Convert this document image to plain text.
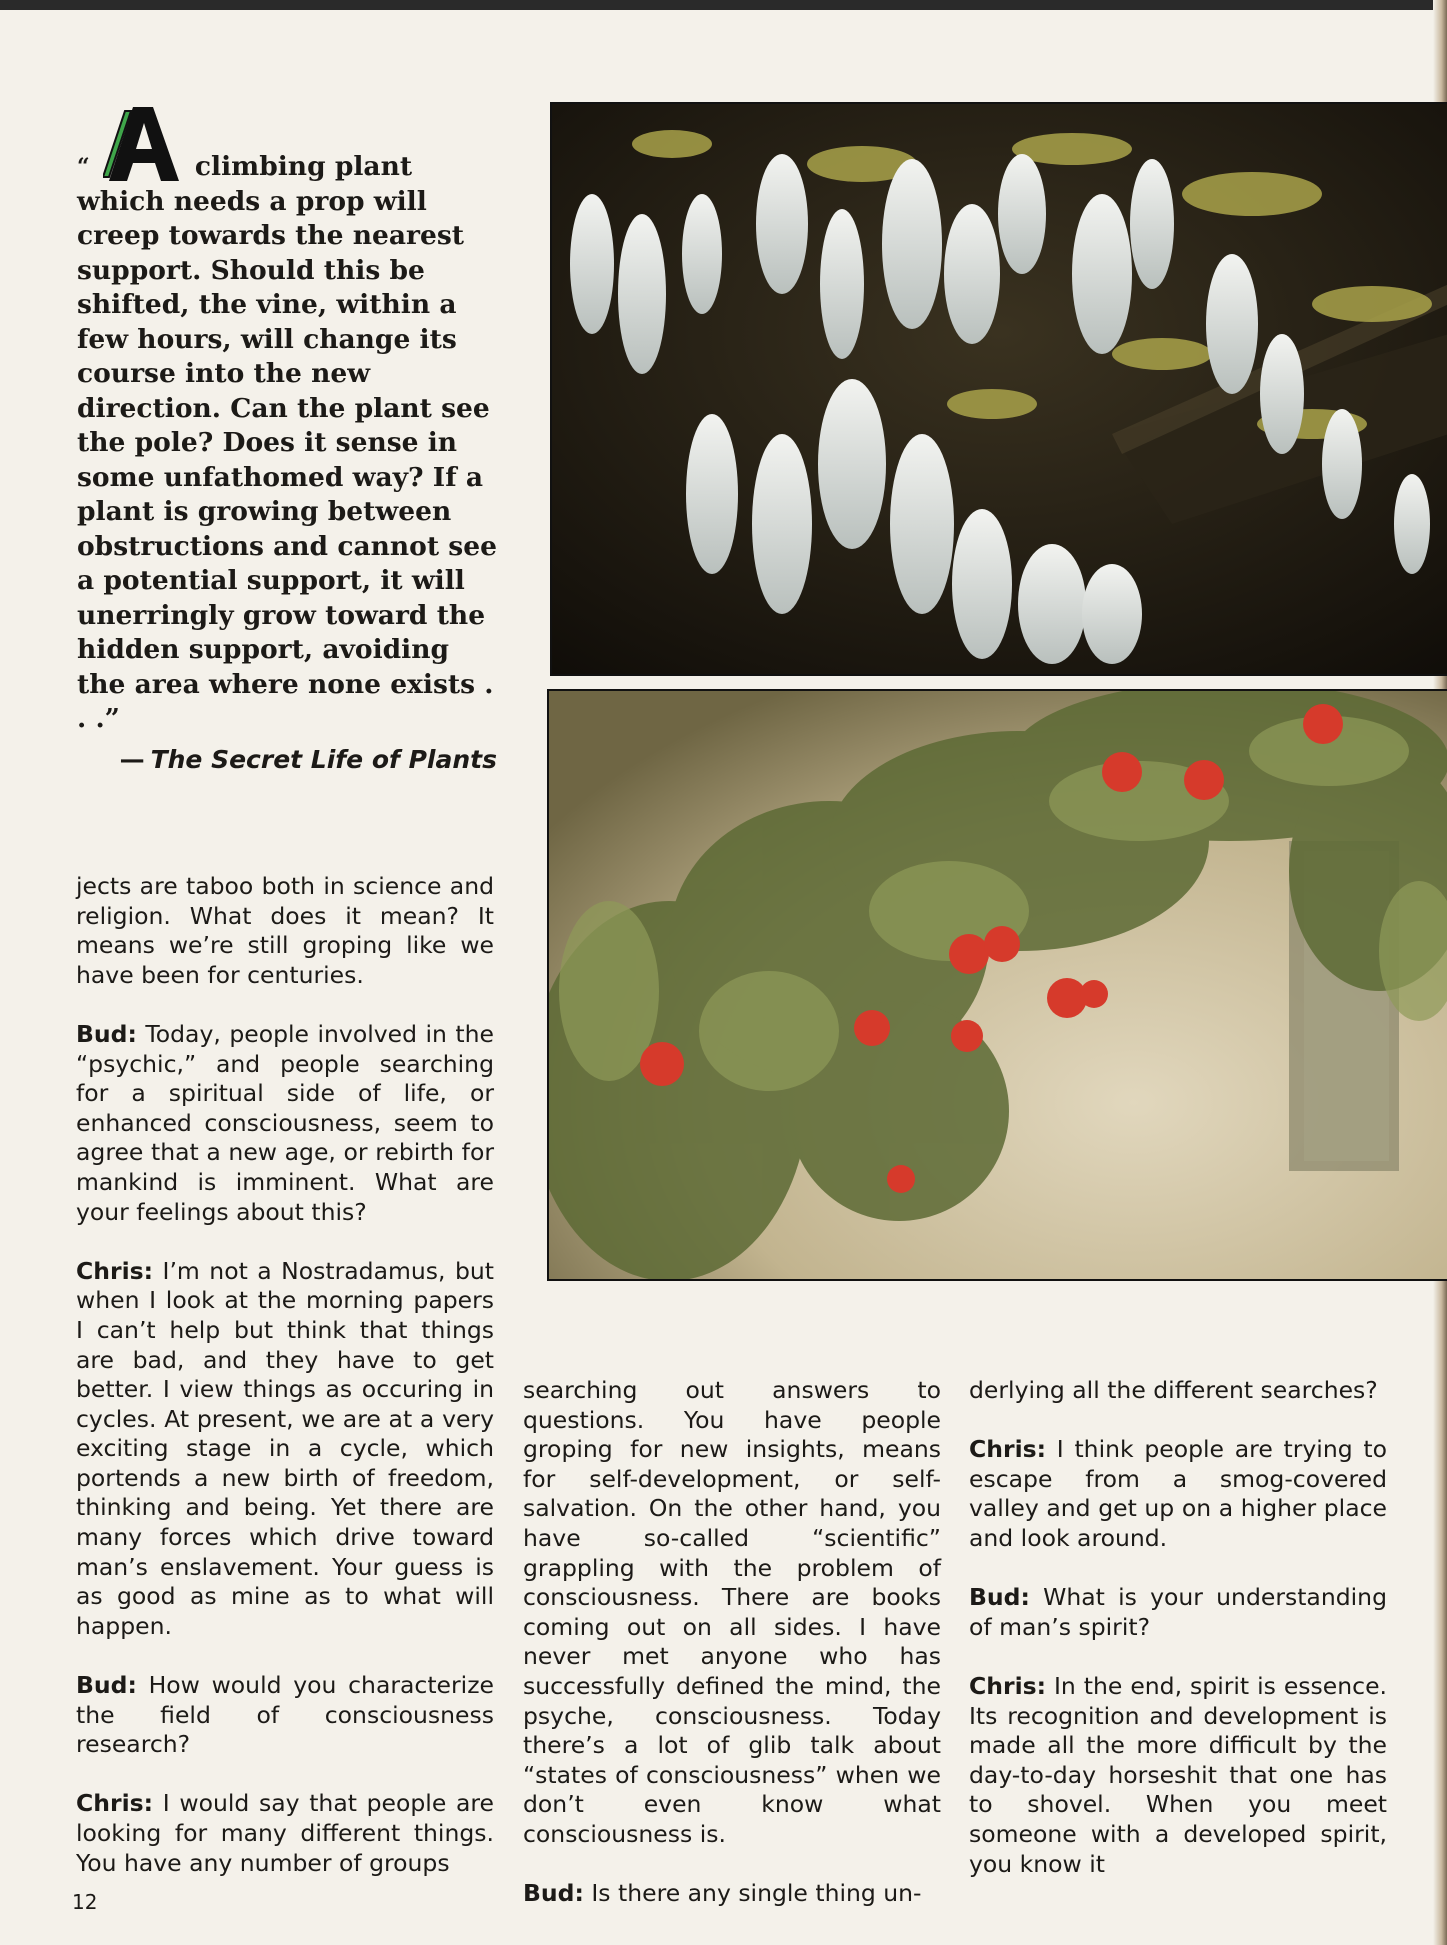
“	A climbing plant which needs a prop will creep towards the nearest support. Should this be shifted, the vine, within a few hours, will change its course into the new direction. Can the plant see the pole? Does it sense in some unfathomed way? If a plant is growing between obstructions and cannot see a potential support, it will unerringly grow toward the hidden support, avoiding the area where none exists . . .”
— The Secret Life of Plants

jects are taboo both in science and religion. What does it mean? It means we’re still groping like we have been for centuries.

Bud: Today, people involved in the “psychic,” and people searching for a spiritual side of life, or enhanced consciousness, seem to agree that a new age, or rebirth for mankind is imminent. What are your feelings about this?

Chris: I’m not a Nostradamus, but when I look at the morning papers I can’t help but think that things are bad, and they have to get better. I view things as occuring in cycles. At present, we are at a very exciting stage in a cycle, which portends a new birth of freedom, thinking and being. Yet there are many forces which drive toward man’s enslavement. Your guess is as good as mine as to what will happen.

Bud: How would you characterize the field of consciousness research?

Chris: I would say that people are looking for many different things. You have any number of groups

searching out answers to questions. You have people groping for new insights, means for self-development, or self-salvation. On the other hand, you have so-called “scientific” grappling with the problem of consciousness. There are books coming out on all sides. I have never met anyone who has successfully defined the mind, the psyche, consciousness. Today there’s a lot of glib talk about “states of consciousness” when we don’t even know what consciousness is.

Bud: Is there any single thing un-

derlying all the different searches?

Chris: I think people are trying to escape from a smog-covered valley and get up on a higher place and look around.

Bud: What is your understanding of man’s spirit?

Chris: In the end, spirit is essence. Its recognition and development is made all the more difficult by the day-to-day horseshit that one has to shovel. When you meet someone with a developed spirit, you know it

12
